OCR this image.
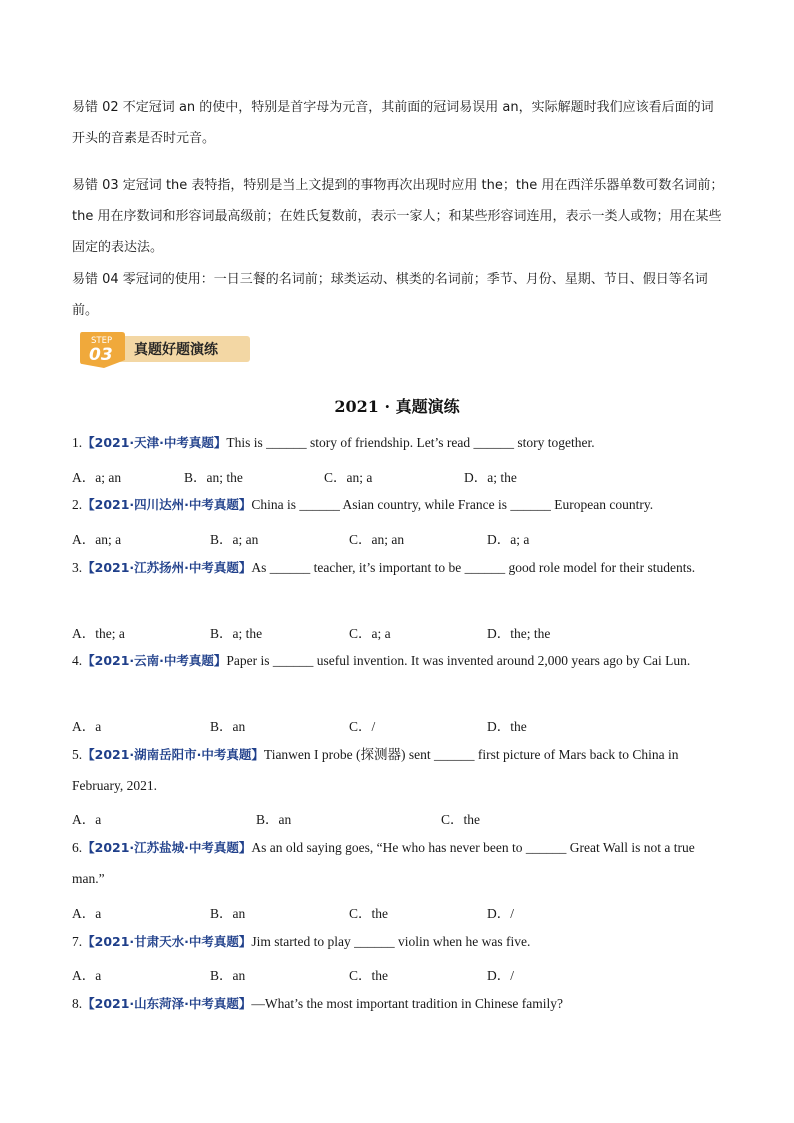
易错 02 不定冠词 an 的使中，特别是首字母为元音，其前面的冠词易误用 an，实际解题时我们应该看后面的词开头的音素是否时元音。

易错 03 定冠词 the 表特指，特别是当上文提到的事物再次出现时应用 the；the 用在西洋乐器单数可数名词前；the 用在序数词和形容词最高级前；在姓氏复数前，表示一家人；和某些形容词连用，表示一类人或物；用在某些固定的表达法。

易错 04 零冠词的使用：一日三餐的名词前；球类运动、棋类的名词前；季节、月份、星期、节日、假日等名词前。

STEP
03 真题好题演练
2021 · 真题演练

1.【2021·天津·中考真题】This is ______ story of friendship. Let’s read ______ story together.

A．a; an	B．an; the	C．an; a	D．a; the

2.【2021·四川达州·中考真题】China is ______ Asian country, while France is ______ European country.

A．an; a	B．a; an	C．an; an	D．a; a

3.【2021·江苏扬州·中考真题】As ______ teacher, it’s important to be ______ good role model for their students.

A．the; a	B．a; the	C．a; a	D．the; the

4.【2021·云南·中考真题】Paper is ______ useful invention. It was invented around 2,000 years ago by Cai Lun.

A．a	B．an	C．/	D．the

5.【2021·湖南岳阳市·中考真题】Tianwen I probe (探测器) sent ______ first picture of Mars back to China in February, 2021.

A．a	B．an	C．the

6.【2021·江苏盐城·中考真题】As an old saying goes, “He who has never been to ______ Great Wall is not a true man.”

A．a	B．an	C．the	D．/

7.【2021·甘肃天水·中考真题】Jim started to play ______ violin when he was five.

A．a	B．an	C．the	D．/

8.【2021·山东菏泽·中考真题】—What’s the most important tradition in Chinese family?
